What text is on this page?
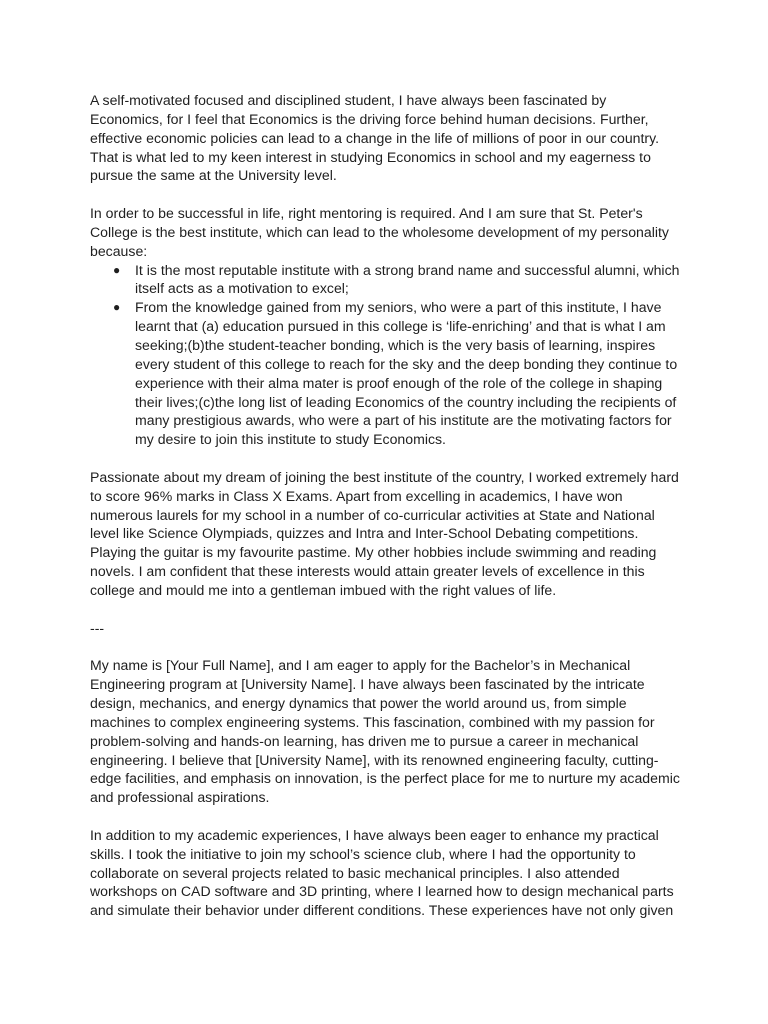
A self-motivated focused and disciplined student, I have always been fascinated by Economics, for I feel that Economics is the driving force behind human decisions. Further, effective economic policies can lead to a change in the life of millions of poor in our country. That is what led to my keen interest in studying Economics in school and my eagerness to pursue the same at the University level.

In order to be successful in life, right mentoring is required. And I am sure that St. Peter's College is the best institute, which can lead to the wholesome development of my personality because:

● It is the most reputable institute with a strong brand name and successful alumni, which itself acts as a motivation to excel;
● From the knowledge gained from my seniors, who were a part of this institute, I have learnt that (a) education pursued in this college is ‘life-enriching’ and that is what I am seeking;(b)the student-teacher bonding, which is the very basis of learning, inspires every student of this college to reach for the sky and the deep bonding they continue to experience with their alma mater is proof enough of the role of the college in shaping their lives;(c)the long list of leading Economics of the country including the recipients of many prestigious awards, who were a part of his institute are the motivating factors for my desire to join this institute to study Economics.

Passionate about my dream of joining the best institute of the country, I worked extremely hard to score 96% marks in Class X Exams. Apart from excelling in academics, I have won numerous laurels for my school in a number of co-curricular activities at State and National level like Science Olympiads, quizzes and Intra and Inter-School Debating competitions. Playing the guitar is my favourite pastime. My other hobbies include swimming and reading novels. I am confident that these interests would attain greater levels of excellence in this college and mould me into a gentleman imbued with the right values of life.

---

My name is [Your Full Name], and I am eager to apply for the Bachelor’s in Mechanical Engineering program at [University Name]. I have always been fascinated by the intricate design, mechanics, and energy dynamics that power the world around us, from simple machines to complex engineering systems. This fascination, combined with my passion for problem-solving and hands-on learning, has driven me to pursue a career in mechanical engineering. I believe that [University Name], with its renowned engineering faculty, cutting-edge facilities, and emphasis on innovation, is the perfect place for me to nurture my academic and professional aspirations.

In addition to my academic experiences, I have always been eager to enhance my practical skills. I took the initiative to join my school’s science club, where I had the opportunity to collaborate on several projects related to basic mechanical principles. I also attended workshops on CAD software and 3D printing, where I learned how to design mechanical parts and simulate their behavior under different conditions. These experiences have not only given
